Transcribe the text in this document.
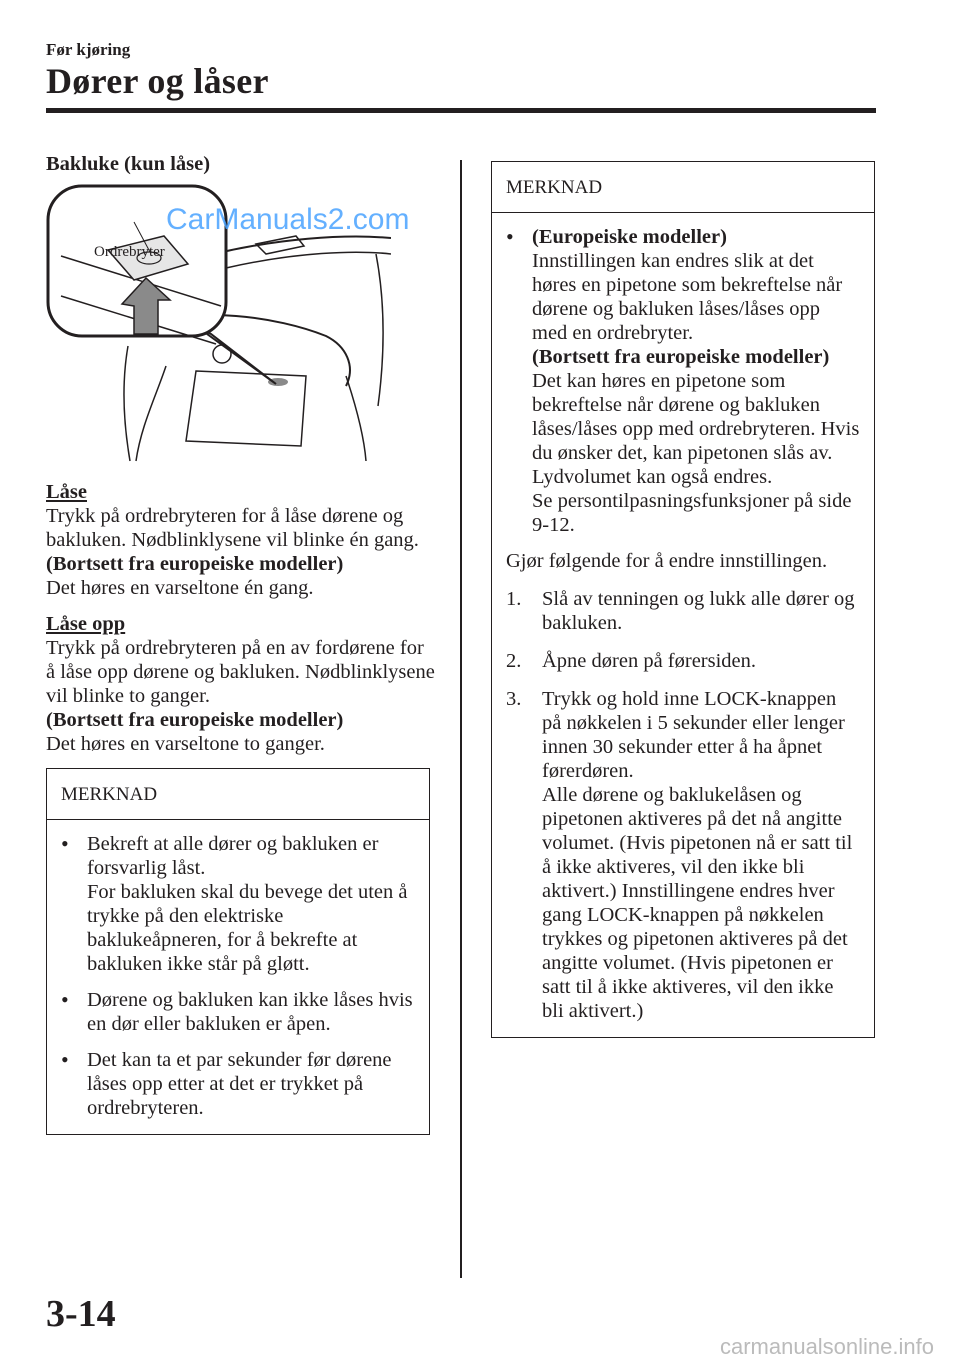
Før kjøring
Dører og låser

Bakluke (kun låse)

Ordrebryter
CarManuals2.com

Låse

Trykk på ordrebryteren for å låse dørene og bakluken. Nødblinklysene vil blinke én gang.
(Bortsett fra europeiske modeller)
Det høres en varseltone én gang.

Låse opp

Trykk på ordrebryteren på en av fordørene for å låse opp dørene og bakluken. Nødblinklysene vil blinke to ganger.
(Bortsett fra europeiske modeller)
Det høres en varseltone to ganger.

MERKNAD
• Bekreft at alle dører og bakluken er forsvarlig låst.
For bakluken skal du bevege det uten å trykke på den elektriske baklukeåpneren, for å bekrefte at bakluken ikke står på gløtt.
• Dørene og bakluken kan ikke låses hvis en dør eller bakluken er åpen.
• Det kan ta et par sekunder før dørene låses opp etter at det er trykket på ordrebryteren.
MERKNAD
• (Europeiske modeller)
Innstillingen kan endres slik at det høres en pipetone som bekreftelse når dørene og bakluken låses/låses opp med en ordrebryter.
(Bortsett fra europeiske modeller)
Det kan høres en pipetone som bekreftelse når dørene og bakluken låses/låses opp med ordrebryteren. Hvis du ønsker det, kan pipetonen slås av.
Lydvolumet kan også endres.
Se persontilpasningsfunksjoner på side 9-12.

Gjør følgende for å endre innstillingen.

1.	Slå av tenningen og lukk alle dører og bakluken.
2.	Åpne døren på førersiden.
3.	Trykk og hold inne LOCK-knappen på nøkkelen i 5 sekunder eller lenger innen 30 sekunder etter å ha åpnet førerdøren.
Alle dørene og baklukelåsen og pipetonen aktiveres på det nå angitte volumet. (Hvis pipetonen nå er satt til å ikke aktiveres, vil den ikke bli aktivert.) Innstillingene endres hver gang LOCK-knappen på nøkkelen trykkes og pipetonen aktiveres på det angitte volumet. (Hvis pipetonen er satt til å ikke aktiveres, vil den ikke bli aktivert.)
3-14
carmanualsonline.info
